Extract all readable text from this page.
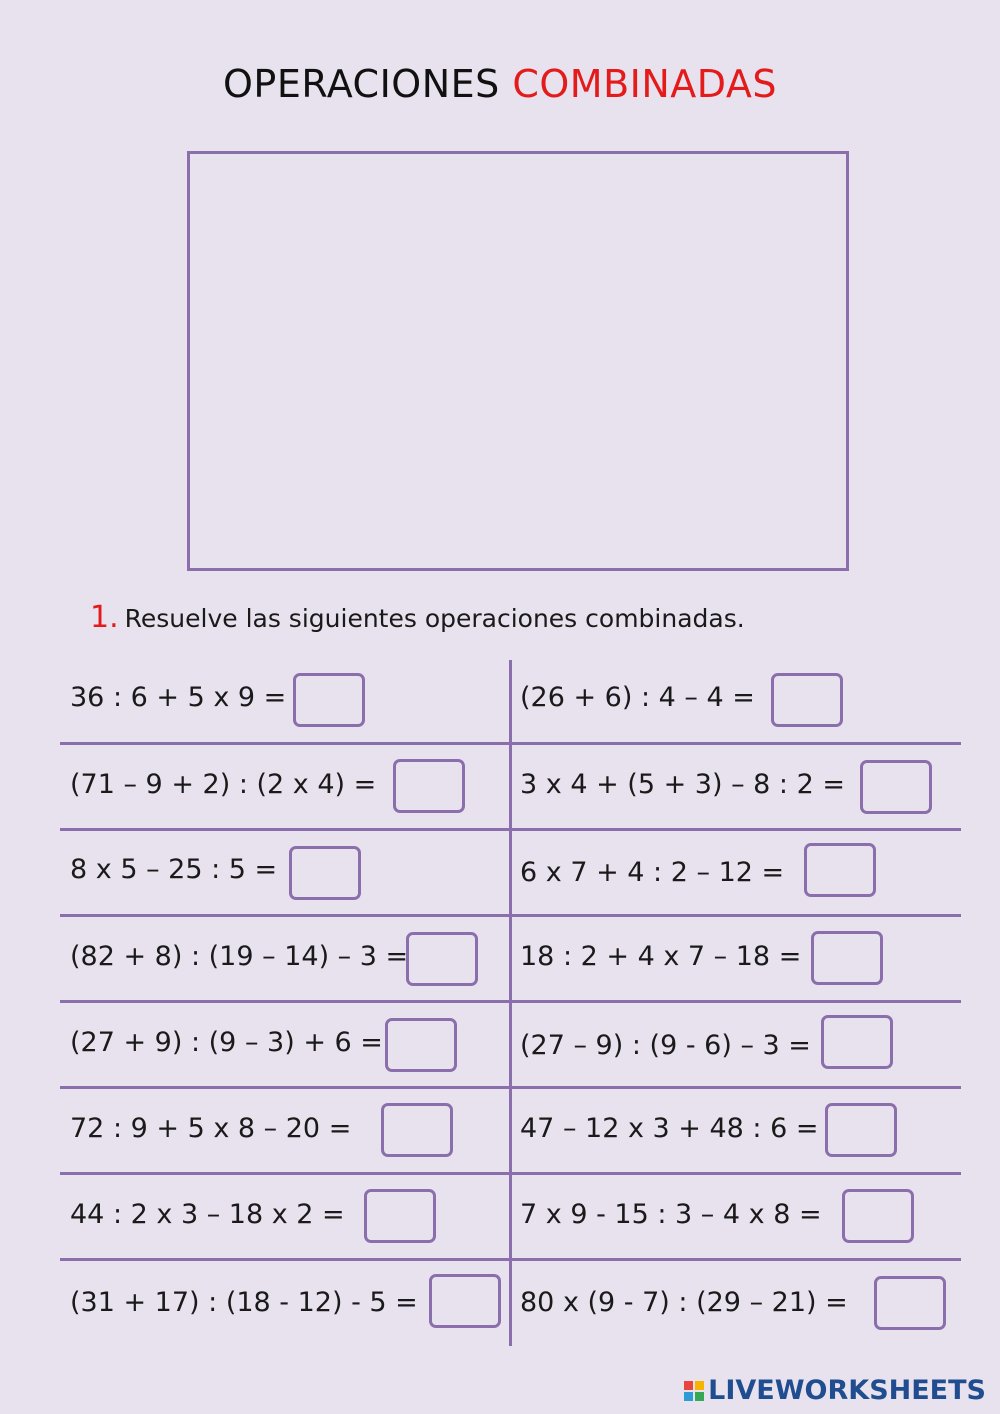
OPERACIONES COMBINADAS
1. Resuelve las siguientes operaciones combinadas.
36 : 6 + 5 x 9 =	(26 + 6) : 4 – 4 =
(71 – 9 + 2) : (2 x 4) =	3 x 4 + (5 + 3) – 8 : 2 =
8 x 5 – 25 : 5 =	6 x 7 + 4 : 2 – 12 =
(82 + 8) : (19 – 14) – 3 =	18 : 2 + 4 x 7 – 18 =
(27 + 9) : (9 – 3) + 6 =	(27 – 9) : (9 - 6) – 3 =
72 : 9 + 5 x 8 – 20 =	47 – 12 x 3 + 48 : 6 =
44 : 2 x 3 – 18 x 2 =	7 x 9 - 15 : 3 – 4 x 8 =
(31 + 17) : (18 - 12) - 5 =	80 x (9 - 7) : (29 – 21) =
LIVEWORKSHEETS
